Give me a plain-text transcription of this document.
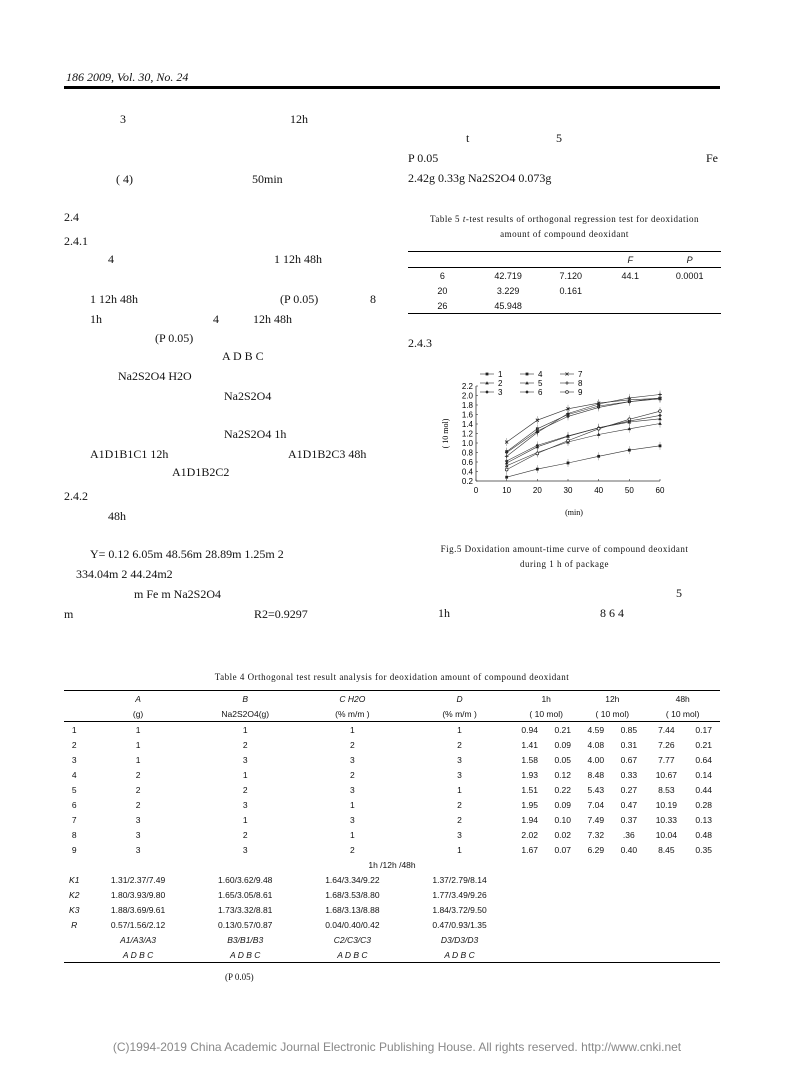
186 2009, Vol. 30, No. 24
3	12h
( 4)	50min
2.4
2.4.1
4	1 12h 48h
1 12h 48h	(P 0.05)	8
1h	4	12h 48h
(P 0.05)
A D B C
Na2S2O4 H2O
Na2S2O4
Na2S2O4 1h
A1D1B1C1 12h	A1D1B2C3 48h
A1D1B2C2
2.4.2
48h
Y= 0.12 6.05m 48.56m 28.89m 1.25m 2
334.04m 2 44.24m2
m Fe m Na2S2O4
m	R2=0.9297
t	5
P 0.05	Fe
2.42g 0.33g Na2S2O4 0.073g
2.4.3
5
1h	8 6 4
Table 5 t-test results of orthogonal regression test for deoxidation
amount of compound deoxidant
			F	P
6	42.719	7.120	44.1	0.0001
20	3.229	0.161		
26	45.948			
0	10	20	30	40	50	60
0.2
0.4
0.6
0.8
1.0
1.2
1.4
1.6
1.8
2.0
2.2
(min)
( 10 mol)
1
2
3
4
5
6
7
8
9
Fig.5 Doxidation amount-time curve of compound deoxidant
during 1 h of package
Table 4 Orthogonal test result analysis for deoxidation amount of compound deoxidant
	A	B	C H2O	D	1h		12h		48h	
	(g)	Na2S2O4(g)	(% m/m )	(% m/m )	( 10 mol)		( 10 mol)		( 10 mol)	
1	1	1	1	1	0.94	0.21	4.59	0.85	7.44	0.17
2	1	2	2	2	1.41	0.09	4.08	0.31	7.26	0.21
3	1	3	3	3	1.58	0.05	4.00	0.67	7.77	0.64
4	2	1	2	3	1.93	0.12	8.48	0.33	10.67	0.14
5	2	2	3	1	1.51	0.22	5.43	0.27	8.53	0.44
6	2	3	1	2	1.95	0.09	7.04	0.47	10.19	0.28
7	3	1	3	2	1.94	0.10	7.49	0.37	10.33	0.13
8	3	2	1	3	2.02	0.02	7.32	.36	10.04	0.48
9	3	3	2	1	1.67	0.07	6.29	0.40	8.45	0.35
1h /12h /48h										
K1	1.31/2.37/7.49	1.60/3.62/9.48	1.64/3.34/9.22	1.37/2.79/8.14						
K2	1.80/3.93/9.80	1.65/3.05/8.61	1.68/3.53/8.80	1.77/3.49/9.26						
K3	1.88/3.69/9.61	1.73/3.32/8.81	1.68/3.13/8.88	1.84/3.72/9.50						
R	0.57/1.56/2.12	0.13/0.57/0.87	0.04/0.40/0.42	0.47/0.93/1.35						
	A1/A3/A3	B3/B1/B3	C2/C3/C3	D3/D3/D3						
	A D B C	A D B C	A D B C	A D B C						
(P 0.05)
(C)1994-2019 China Academic Journal Electronic Publishing House. All rights reserved. http://www.cnki.net
